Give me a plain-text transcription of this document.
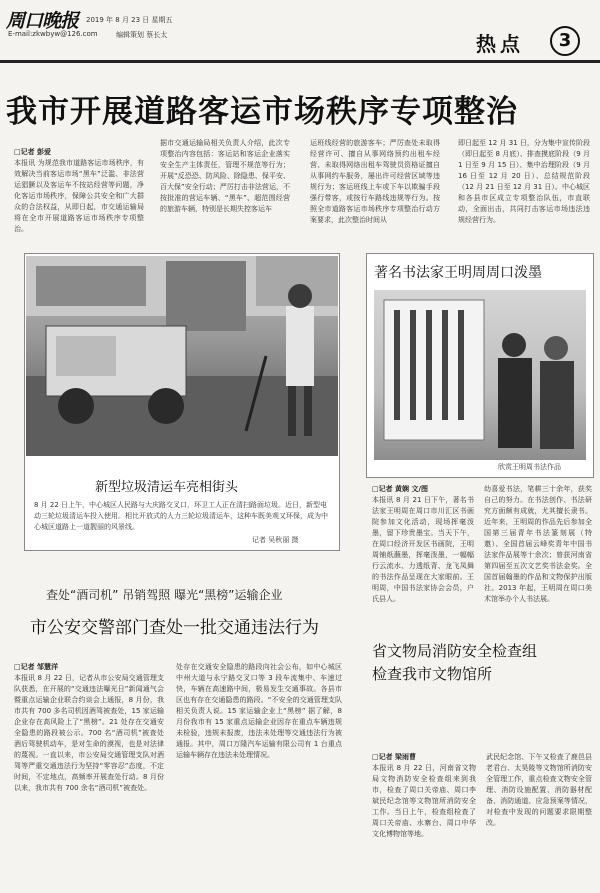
周口晚报
E-mail:zkwbyw@126.com
2019 年 8 月 23 日 星期五
编辑策划 蔡长太	热点	3
我市开展道路客运市场秩序专项整治
□记者 彭爱
本报讯 为规范我市道路客运市场秩序，有效解决当前客运市场“黑车”泛滥、非法营运猖獗以及客运车不按站经营等问题，净化客运市场秩序，保障公共安全和广大群众的合法权益，从即日起，市交通运输局将在全市开展道路客运市场秩序专项整治。
据市交通运输局相关负责人介绍，此次专项整治内容包括：客运站和客运企业落实安全生产主体责任，管理不规范等行为；开展“反恐恐、防风险、除隐患、保平安、百大保”安全行动；严厉打击非法营运，不按批准的营运车辆、“黑车”、超范围经营的旅游车辆，特别是长期失控客运车
运班线经营的旅游客车；严厉查处未取得经营许可、擅自从事网络预约出租车经营、未取得网络出租车驾驶员资格证擅自从事网约车服务，屡出许可经营区域等违规行为；客运班线上车或下车以欺骗手段强行带客，或按行车路线违规等行为。按照全市道路客运市场秩序专项整治行动方案要求，此次整治时间从
即日起至 12 月 31 日，分为集中宣传阶段（即日起至 8 月底）、排查摸底阶段（9 月 1 日至 9 月 15 日）、集中治理阶段（9 月 16 日至 12 月 20 日）、总结规范阶段（12 月 21 日至 12 月 31 日）。中心城区和各县市区成立专项整治队伍，市直联动，全面出击，共同打击客运市场违法违规经营行为。
新型垃圾清运车亮相街头
8 月 22 日上午，中心城区人民路与大庆路交叉口，环卫工人正在清扫路面垃圾。近日，新型电动三轮垃圾清运车投入使用。相比开放式的人力三轮垃圾清运车，这种车既美观又环保，成为中心城区道路上一道靓丽的风景线。
记者 吴秋丽 摄
查处“酒司机” 吊销驾照 曝光“黑榜”运输企业
市公安交警部门查处一批交通违法行为
□记者 邹慧洋
本报讯 8 月 22 日，记者从市公安局交通管理支队获悉，在开展的“交通违法曝光日”新闻通气会暨重点运输企业联合约谈会上通报，8 月份，我市共有 700 多名司机因酒驾被查处，15 家运输企业存在高风险上了“黑榜”。21 处存在交通安全隐患的路段被公示。700 名“酒司机”被查处 酒后驾驶机动车，是对生命的漠视，也是对法律的蔑视。一直以来，市公安局交通管理支队对酒驾等严重交通违法行为坚持“零容忍”态度，不定时间，不定地点，高频率开展查处行动。8 月份以来，我市共有 700 余名“酒司机”被查处。
处存在交通安全隐患的路段向社会公布，如中心城区中州大道与永宁路交叉口等 3 段车流集中、车速过快，车辆在高速路中间，极易发生交通事故。各县市区也有存在交通隐患的路段。“不安全的交通管理支队相关负责人说。15 家运输企业上“黑榜” 据了解，8 月份我市有 15 家重点运输企业因存在重点车辆违规未检验，违规未报废，违法未处理等交通违法行为被通报。其中，周口万隆汽车运输有限公司有 1 台重点运输车辆存在违法未处理情况。
著名书法家王明周周口泼墨
欣赏王明周书法作品
□记者 黄娴 文/图
本报讯 8 月 21 日下午，著名书法家王明周在周口市川汇区书画院参加文化活动，现场挥毫泼墨，留下珍贵墨宝。当天下午，在周口经济开发区书画院，王明周铺纸蘸墨，挥毫泼墨，一幅幅行云流水、力透纸背、龙飞凤舞的书法作品呈现在大家眼前。王明周，中国书法家协会会员，户氏县人。
幼喜爱书法，笔耕三十余年，获奖自己的努力。在书法创作、书法研究方面颇有成就，尤其擅长隶书。近年来，王明周的作品先后参加全国第三届青年书法篆刻展（特邀）、全国首届云峰奖青年中国书法家作品展等十余次；曾获河南省第四届至五次文艺奖书法金奖。全国首届翰墨的作品和文物保护出版社。2013 年起，王明周在周口美术馆举办个人书法展。
省文物局消防安全检查组
检查我市文物馆所
□记者 梁雨曹
本报讯 8 月 22 日，河南省文物局文物消防安全检查组来到我市，检查了周口关帝庙、周口李斌民纪念馆等文物馆所消防安全工作。当日上午，检查组检查了周口关帝庙、水寨台、周口中华文化博物馆等地。
武民纪念馆、下午又检查了鹿邑县老君台、太昊陵等文物馆所消防安全管理工作，重点检查文物安全管理、消防设施配置、消防器材配备、消防通道、应急预案等情况，对检查中发现的问题要求限期整改。
